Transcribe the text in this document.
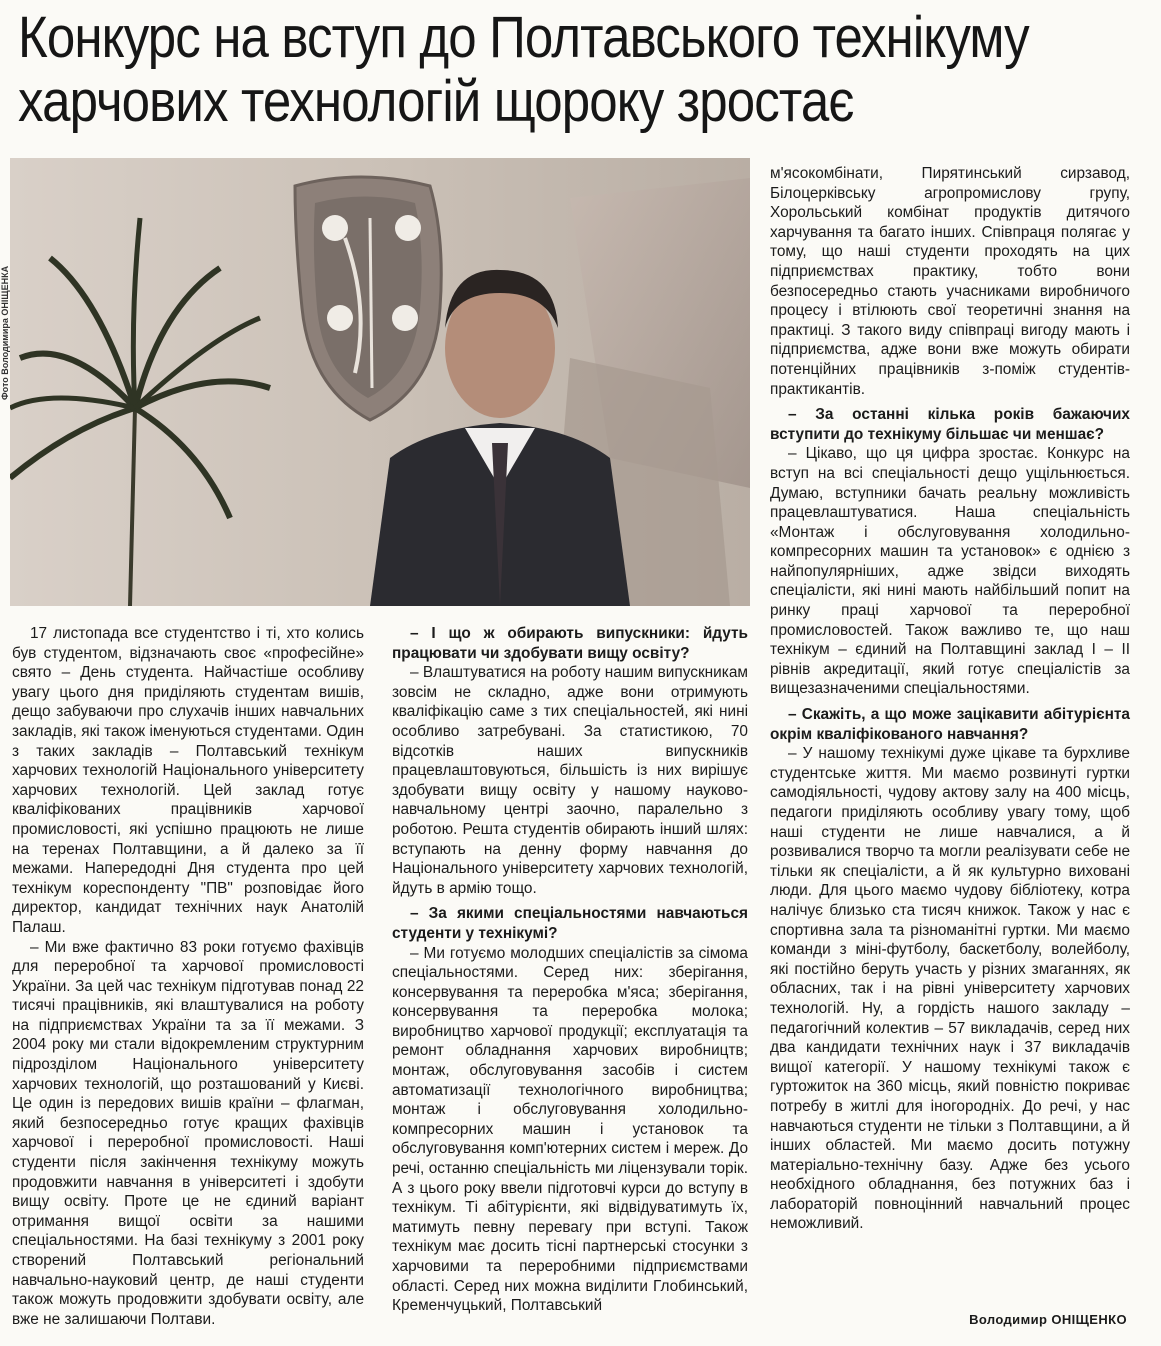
Конкурс на вступ до Полтавського технікуму
харчових технологій щороку зростає
Фото Володимира ОНІЩЕНКА

17 листопада все студентство і ті, хто колись був студентом, відзначають своє «професійне» свято – День студента. Найчастіше особливу увагу цього дня приділяють студентам вишів, дещо забуваючи про слухачів інших навчальних закладів, які також іменуються студентами. Один з таких закладів – Полтавський технікум харчових технологій Національного університету харчових технологій. Цей заклад готує кваліфікованих працівників харчової промисловості, які успішно працюють не лише на теренах Полтавщини, а й далеко за її межами. Напередодні Дня студента про цей технікум кореспонденту "ПВ" розповідає його директор, кандидат технічних наук Анатолій Палаш.

– Ми вже фактично 83 роки готуємо фахівців для переробної та харчової промисловості України. За цей час технікум підготував понад 22 тисячі працівників, які влаштувалися на роботу на підприємствах України та за її межами. З 2004 року ми стали відокремленим структурним підрозділом Національного університету харчових технологій, що розташований у Києві. Це один із передових вишів країни – флагман, який безпосередньо готує кращих фахівців харчової і переробної промисловості. Наші студенти після закінчення технікуму можуть продовжити навчання в університеті і здобути вищу освіту. Проте це не єдиний варіант отримання вищої освіти за нашими спеціальностями. На базі технікуму з 2001 року створений Полтавський регіональний навчально-науковий центр, де наші студенти також можуть продовжити здобувати освіту, але вже не залишаючи Полтави.

– І що ж обирають випускники: йдуть працювати чи здобувати вищу освіту?

– Влаштуватися на роботу нашим випускникам зовсім не складно, адже вони отримують кваліфікацію саме з тих спеціальностей, які нині особливо затребувані. За статистикою, 70 відсотків наших випускників працевлаштовуються, більшість із них вирішує здобувати вищу освіту у нашому науково-навчальному центрі заочно, паралельно з роботою. Решта студентів обирають інший шлях: вступають на денну форму навчання до Національного університету харчових технологій, йдуть в армію тощо.

– За якими спеціальностями навчаються студенти у технікумі?

– Ми готуємо молодших спеціалістів за сімома спеціальностями. Серед них: зберігання, консервування та переробка м'яса; зберігання, консервування та переробка молока; виробництво харчової продукції; експлуатація та ремонт обладнання харчових виробництв; монтаж, обслуговування засобів і систем автоматизації технологічного виробництва; монтаж і обслуговування холодильно-компресорних машин і установок та обслуговування комп'ютерних систем і мереж. До речі, останню спеціальність ми ліцензували торік. А з цього року ввели підготовчі курси до вступу в технікум. Ті абітурієнти, які відвідуватимуть їх, матимуть певну перевагу при вступі. Також технікум має досить тісні партнерські стосунки з харчовими та переробними підприємствами області. Серед них можна виділити Глобинський, Кременчуцький, Полтавський

м'ясокомбінати, Пирятинський сирзавод, Білоцерківську агропромислову групу, Хорольський комбінат продуктів дитячого харчування та багато інших. Співпраця полягає у тому, що наші студенти проходять на цих підприємствах практику, тобто вони безпосередньо стають учасниками виробничого процесу і втілюють свої теоретичні знання на практиці. З такого виду співпраці вигоду мають і підприємства, адже вони вже можуть обирати потенційних працівників з-поміж студентів-практикантів.

– За останні кілька років бажаючих вступити до технікуму більшає чи меншає?

– Цікаво, що ця цифра зростає. Конкурс на вступ на всі спеціальності дещо ущільнюється. Думаю, вступники бачать реальну можливість працевлаштуватися. Наша спеціальність «Монтаж і обслуговування холодильно-компресорних машин та установок» є однією з найпопулярніших, адже звідси виходять спеціалісти, які нині мають найбільший попит на ринку праці харчової та переробної промисловостей. Також важливо те, що наш технікум – єдиний на Полтавщині заклад І – ІІ рівнів акредитації, який готує спеціалістів за вищезазначеними спеціальностями.

– Скажіть, а що може зацікавити абітурієнта окрім кваліфікованого навчання?

– У нашому технікумі дуже цікаве та бурхливе студентське життя. Ми маємо розвинуті гуртки самодіяльності, чудову актову залу на 400 місць, педагоги приділяють особливу увагу тому, щоб наші студенти не лише навчалися, а й розвивалися творчо та могли реалізувати себе не тільки як спеціалісти, а й як культурно виховані люди. Для цього маємо чудову бібліотеку, котра налічує близько ста тисяч книжок. Також у нас є спортивна зала та різноманітні гуртки. Ми маємо команди з міні-футболу, баскетболу, волейболу, які постійно беруть участь у різних змаганнях, як обласних, так і на рівні університету харчових технологій. Ну, а гордість нашого закладу – педагогічний колектив – 57 викладачів, серед них два кандидати технічних наук і 37 викладачів вищої категорії. У нашому технікумі також є гуртожиток на 360 місць, який повністю покриває потребу в житлі для іногородніх. До речі, у нас навчаються студенти не тільки з Полтавщини, а й інших областей. Ми маємо досить потужну матеріально-технічну базу. Адже без усього необхідного обладнання, без потужних баз і лабораторій повноцінний навчальний процес неможливий.

Володимир ОНІЩЕНКО
